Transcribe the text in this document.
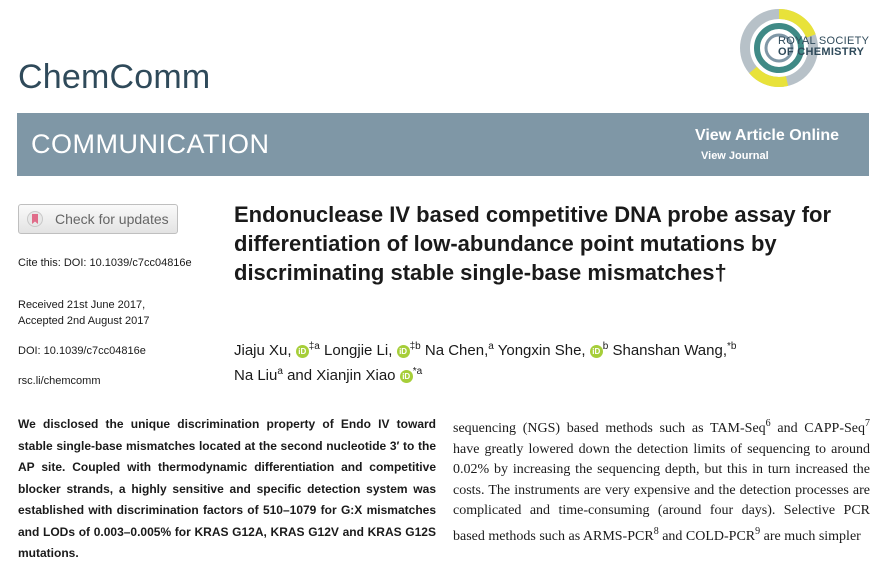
ChemComm
ROYAL SOCIETY
OF CHEMISTRY
COMMUNICATION	View Article Online
View Journal
Check for updates
Cite this: DOI: 10.1039/c7cc04816e
Received 21st June 2017,
Accepted 2nd August 2017
DOI: 10.1039/c7cc04816e
rsc.li/chemcomm
Endonuclease IV based competitive DNA probe assay for differentiation of low-abundance point mutations by discriminating stable single-base mismatches†
Jiaju Xu, iD $^{\ddagger a}$ Longjie Li, iD $^{\ddagger b}$ Na Chen,$^a$ Yongxin She, iD $^b$ Shanshan Wang,$^{*b}$
Na Liu$^a$ and Xianjin Xiao iD $^{*a}$
We disclosed the unique discrimination property of Endo IV toward stable single-base mismatches located at the second nucleotide 3′ to the AP site. Coupled with thermodynamic differentiation and competitive blocker strands, a highly sensitive and specific detection system was established with discrimination factors of 510–1079 for G:X mismatches and LODs of 0.003–0.005% for KRAS G12A, KRAS G12V and KRAS G12S mutations.
sequencing (NGS) based methods such as TAM-Seq$^6$ and CAPP-Seq$^7$ have greatly lowered down the detection limits of sequencing to around 0.02% by increasing the sequencing depth, but this in turn increased the costs. The instruments are very expensive and the detection processes are complicated and time-consuming (around four days). Selective PCR based methods such as ARMS-PCR$^8$ and COLD-PCR$^9$ are much simpler
